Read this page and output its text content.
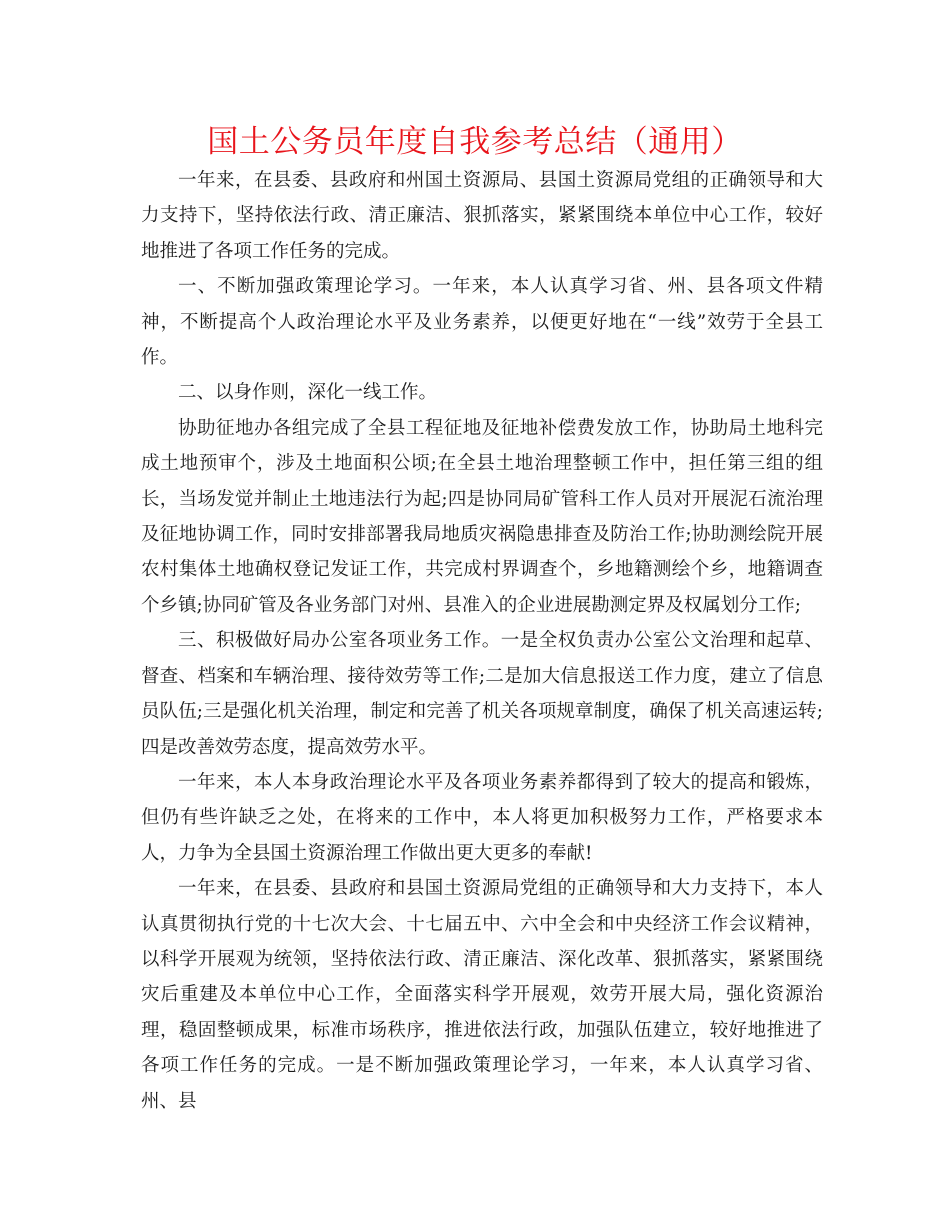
国土公务员年度自我参考总结（通用）

一年来，在县委、县政府和州国土资源局、县国土资源局党组的正确领导和大力支持下，坚持依法行政、清正廉洁、狠抓落实，紧紧围绕本单位中心工作，较好地推进了各项工作任务的完成。

一、不断加强政策理论学习。一年来，本人认真学习省、州、县各项文件精神，不断提高个人政治理论水平及业务素养，以便更好地在“一线”效劳于全县工作。

二、以身作则，深化一线工作。

协助征地办各组完成了全县工程征地及征地补偿费发放工作，协助局土地科完成土地预审个，涉及土地面积公顷;在全县土地治理整顿工作中，担任第三组的组长，当场发觉并制止土地违法行为起;四是协同局矿管科工作人员对开展泥石流治理及征地协调工作，同时安排部署我局地质灾祸隐患排查及防治工作;协助测绘院开展农村集体土地确权登记发证工作，共完成村界调查个，乡地籍测绘个乡，地籍调查个乡镇;协同矿管及各业务部门对州、县准入的企业进展勘测定界及权属划分工作;

三、积极做好局办公室各项业务工作。一是全权负责办公室公文治理和起草、督查、档案和车辆治理、接待效劳等工作;二是加大信息报送工作力度，建立了信息员队伍;三是强化机关治理，制定和完善了机关各项规章制度，确保了机关高速运转;四是改善效劳态度，提高效劳水平。

一年来，本人本身政治理论水平及各项业务素养都得到了较大的提高和锻炼，但仍有些许缺乏之处，在将来的工作中，本人将更加积极努力工作，严格要求本人，力争为全县国土资源治理工作做出更大更多的奉献!

一年来，在县委、县政府和县国土资源局党组的正确领导和大力支持下，本人认真贯彻执行党的十七次大会、十七届五中、六中全会和中央经济工作会议精神，以科学开展观为统领，坚持依法行政、清正廉洁、深化改革、狠抓落实，紧紧围绕灾后重建及本单位中心工作，全面落实科学开展观，效劳开展大局，强化资源治理，稳固整顿成果，标准市场秩序，推进依法行政，加强队伍建立，较好地推进了各项工作任务的完成。一是不断加强政策理论学习，一年来，本人认真学习省、州、县
